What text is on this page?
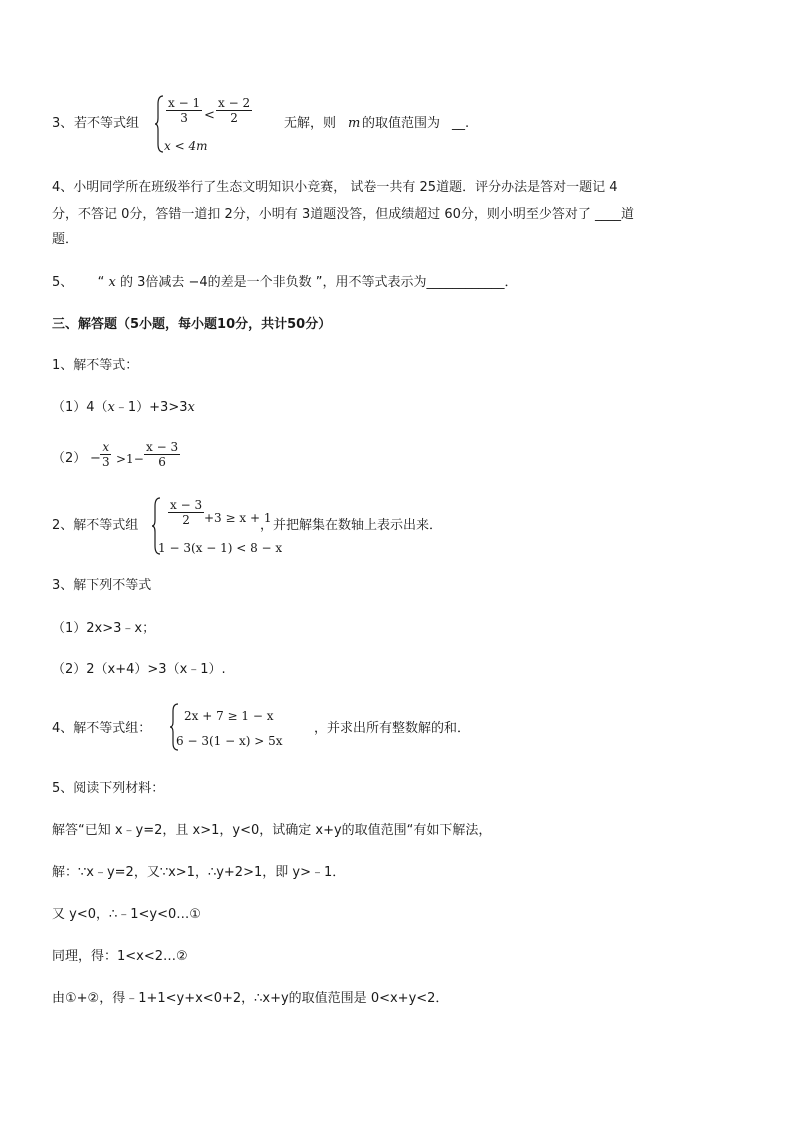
3、 若不等式组 $\frac{x - 1}{3} < \frac{x - 2}{2}$
x < 4m
无解，则 m 的取值范围为 __.
4、小明同学所在班级举行了生态文明知识小竞赛， 试卷一共有 25道题．评分办法是答对一题记 4
分，不答记 0分，答错一道扣 2分，小明有 3道题没答，但成绩超过 60分，则小明至少答对了 ____道
题．
5、 “ x 的 3倍减去 −4的差是一个非负数 ”，用不等式表示为____________．
三、解答题（5小题，每小题10分，共计50分）
1、解不等式：
（1）4（x﹣1）+3>3x
$(2) - \frac{x}{3} >1- \frac{x - 3}{6}$
2、解不等式组 $\frac{x - 3}{2} +3 \ge x + 1$
1 − 3(x − 1) < 8 − x
，并把解集在数轴上表示出来．
3、解下列不等式
（1）2x>3﹣x；
（2）2（x+4）>3（x﹣1）.
4、解不等式组：
2x + 7 ≥ 1 − x
6 − 3(1 − x) > 5x
，并求出所有整数解的和．
5、阅读下列材料：
解答“已知 x﹣y=2，且 x>1，y<0，试确定 x+y的取值范围“有如下解法，
解：∵x﹣y=2，又∵x>1，∴y+2>1，即 y>﹣1．
又 y<0，∴﹣1<y<0…①
同理，得：1<x<2…②
由①+②，得﹣1+1<y+x<0+2，∴x+y的取值范围是 0<x+y<2．
